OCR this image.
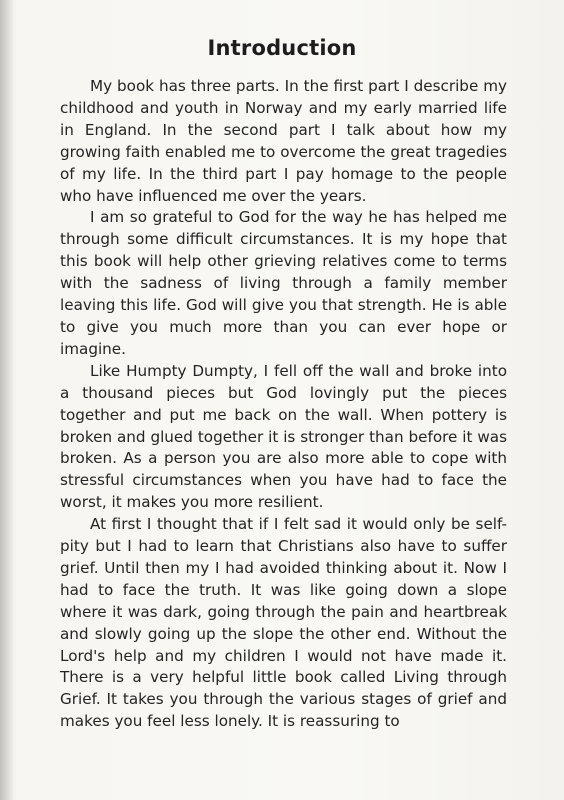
Introduction

My book has three parts. In the first part I describe my childhood and youth in Norway and my early married life in England. In the second part I talk about how my growing faith enabled me to overcome the great tragedies of my life. In the third part I pay homage to the people who have influenced me over the years.

I am so grateful to God for the way he has helped me through some difficult circumstances. It is my hope that this book will help other grieving relatives come to terms with the sadness of living through a family member leaving this life. God will give you that strength. He is able to give you much more than you can ever hope or imagine.

Like Humpty Dumpty, I fell off the wall and broke into a thousand pieces but God lovingly put the pieces together and put me back on the wall. When pottery is broken and glued together it is stronger than before it was broken. As a person you are also more able to cope with stressful circumstances when you have had to face the worst, it makes you more resilient.

At first I thought that if I felt sad it would only be self-pity but I had to learn that Christians also have to suffer grief. Until then my I had avoided thinking about it. Now I had to face the truth. It was like going down a slope where it was dark, going through the pain and heartbreak and slowly going up the slope the other end. Without the Lord's help and my children I would not have made it. There is a very helpful little book called Living through Grief. It takes you through the various stages of grief and makes you feel less lonely. It is reassuring to
